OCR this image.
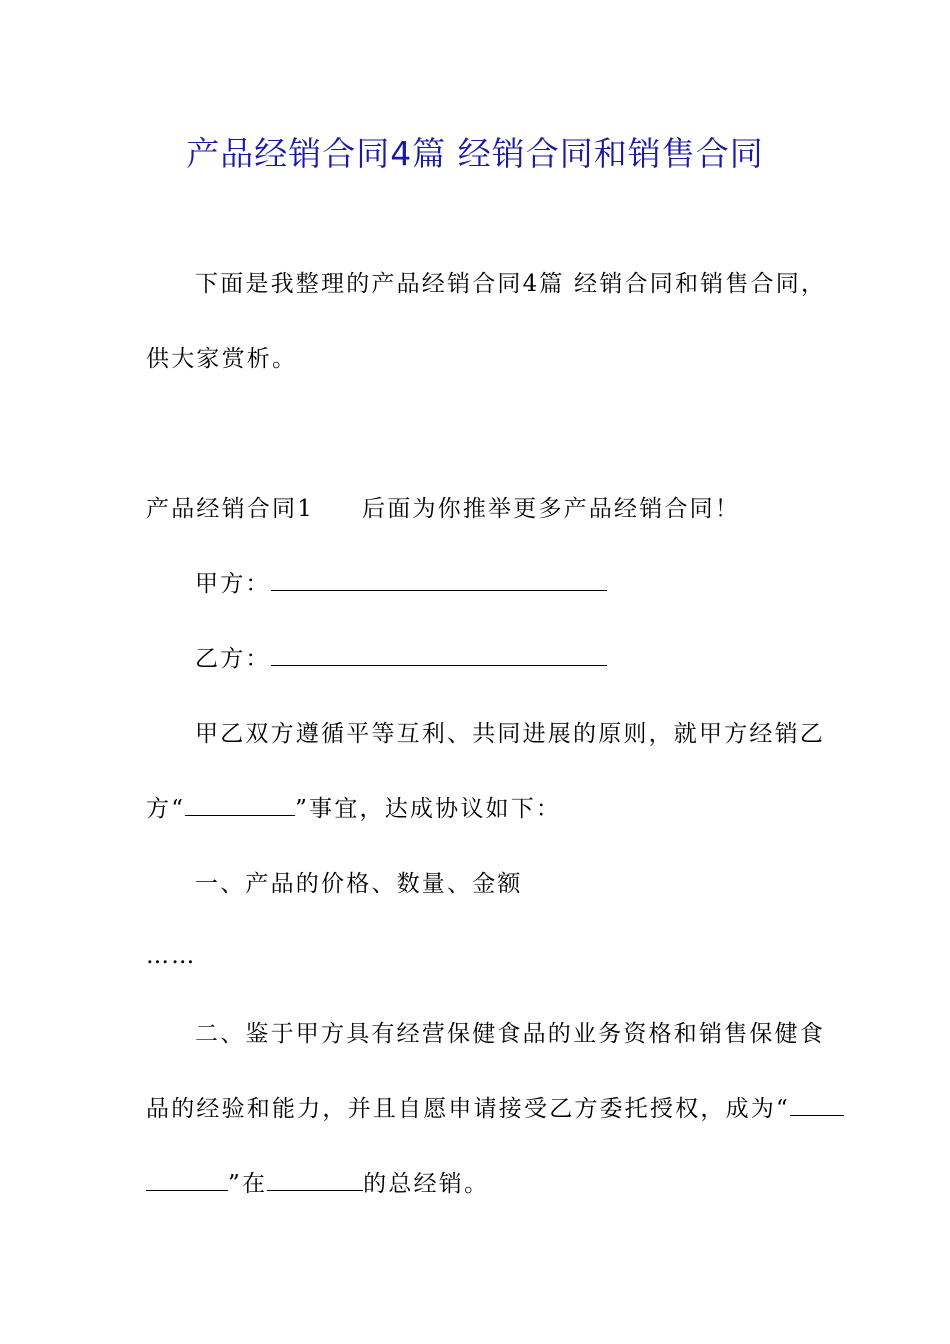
产品经销合同4篇 经销合同和销售合同
下面是我整理的产品经销合同4篇 经销合同和销售合同，
供大家赏析。
产品经销合同1 后面为你推举更多产品经销合同！
甲方：
乙方：
甲乙双方遵循平等互利、共同进展的原则，就甲方经销乙
方“	”事宜，达成协议如下：
一、产品的价格、数量、金额
……
二、鉴于甲方具有经营保健食品的业务资格和销售保健食
品的经验和能力，并且自愿申请接受乙方委托授权，成为“
”在	的总经销。
